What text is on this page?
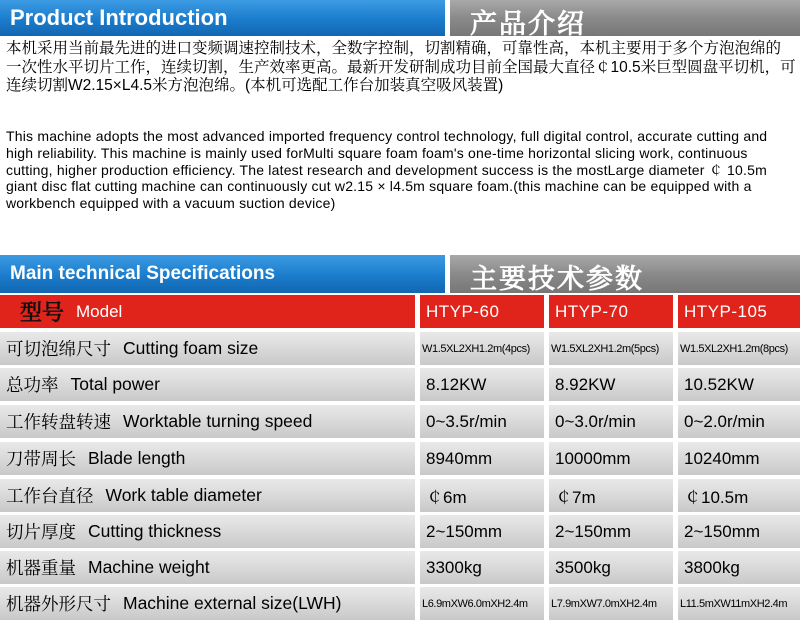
Product Introduction	产品介绍
本机采用当前最先进的进口变频调速控制技术，全数字控制，切割精确，可靠性高，本机主要用于多个方泡泡绵的一次性水平切片工作，连续切割，生产效率更高。最新开发研制成功目前全国最大直径￠10.5米巨型圆盘平切机，可连续切割W2.15×L4.5米方泡泡绵。(本机可选配工作台加装真空吸风装置)
This machine adopts the most advanced imported frequency control technology, full digital control, accurate cutting and high reliability. This machine is mainly used forMulti square foam foam's one-time horizontal slicing work, continuous cutting, higher production efficiency. The latest research and development success is the mostLarge diameter ￠ 10.5m giant disc flat cutting machine can continuously cut w2.15 × l4.5m square foam.(this machine can be equipped with a workbench equipped with a vacuum suction device)
Main technical Specifications	主要技术参数
型号 Model	HTYP-60	HTYP-70	HTYP-105
可切泡绵尺寸 Cutting foam size	W1.5XL2XH1.2m(4pcs)	W1.5XL2XH1.2m(5pcs)	W1.5XL2XH1.2m(8pcs)
总功率 Total power	8.12KW	8.92KW	10.52KW
工作转盘转速 Worktable turning speed	0~3.5r/min	0~3.0r/min	0~2.0r/min
刀带周长 Blade length	8940mm	10000mm	10240mm
工作台直径 Work table diameter	￠6m	￠7m	￠10.5m
切片厚度 Cutting thickness	2~150mm	2~150mm	2~150mm
机器重量 Machine weight	3300kg	3500kg	3800kg
机器外形尺寸 Machine external size(LWH)	L6.9mXW6.0mXH2.4m	L7.9mXW7.0mXH2.4m	L11.5mXW11mXH2.4m
